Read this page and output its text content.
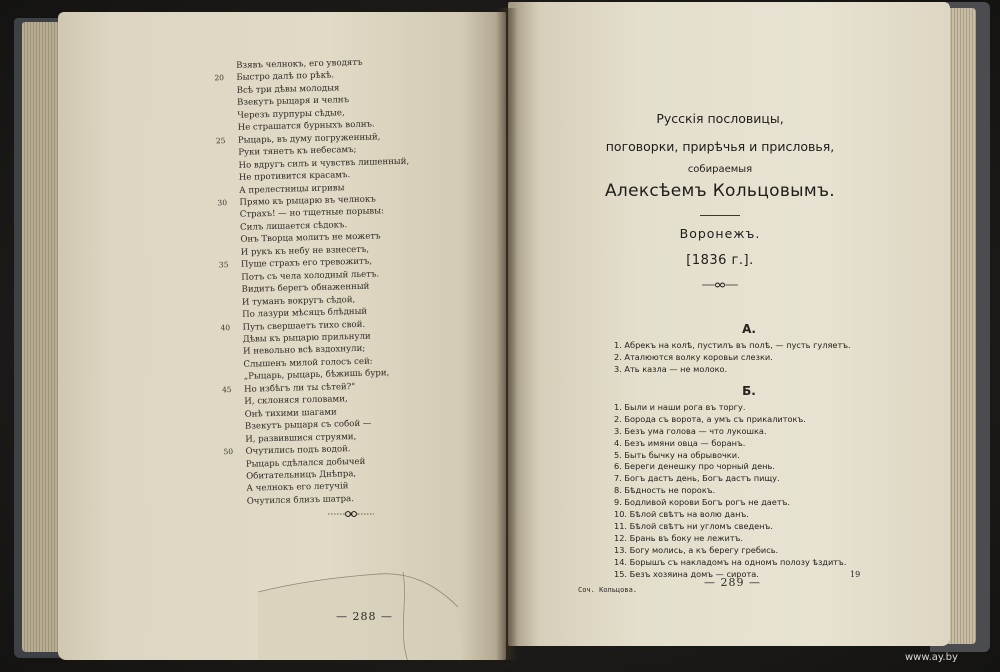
Взявъ челнокъ, его уводятъ
20	Быстро далѣ по рѣкѣ.
Всѣ три дѣвы молодыя
Взекутъ рыцаря и челнъ
Черезъ пурпуры сѣдые,
Не страшатся бурныхъ волнъ.
25	Рыцарь, въ думу погруженный,
Руки тянетъ къ небесамъ;
Но вдругъ силъ и чувствъ лишенный,
Не противится красамъ.
А прелестницы игривы
30	Прямо къ рыцарю въ челнокъ
Страхъ! — но тщетные порывы:
Силъ лишается сѣдокъ.
Онъ Творца молитъ не можетъ
И рукъ къ небу не взнесетъ,
35	Пуще страхъ его тревожитъ,
Потъ съ чела холодный льетъ.
Видитъ берегъ обнаженный
И туманъ вокругъ сѣдой,
По лазури мѣсяцъ блѣдный
40	Путь свершаетъ тихо свой.
Дѣвы къ рыцарю прильнули
И невольно всѣ вздохнули;
Слышенъ милой голосъ сей:
„Рыцарь, рыцарь, бѣжишь бури,
45	Но избѣгъ ли ты сѣтей?"
И, склоняся головами,
Онѣ тихими шагами
Взекутъ рыцаря съ собой —
И, развившися струями,
50	Очутились подъ водой.
Рыцарь сдѣлался добычей
Обитательницъ Днѣпра,
А челнокъ его летучій
Очутился близъ шатра.
— 288 —
Русскія пословицы,
поговорки, прирѣчья и присловья,
собираемыя
Алексѣемъ Кольцовымъ.
Воронежъ.
[1836 г.].
А.
1. Абрекъ на колѣ, пустилъ въ полѣ, — пусть гуляетъ.
2. Аталюются волку коровьи слезки.
3. Ать казла — не молоко.
Б.
1. Были и наши рога въ торгу.
2. Борода съ ворота, а умъ съ прикалитокъ.
3. Безъ ума голова — что лукошка.
4. Безъ имяни овца — боранъ.
5. Быть бычку на обрывочки.
6. Береги денешку про чорный день.
7. Богъ дастъ день, Богъ дастъ пищу.
8. Бѣдность не порокъ.
9. Бодливой корови Богъ рогъ не даетъ.
10. Бѣлой свѣтъ на волю данъ.
11. Бѣлой свѣтъ ни угломъ сведенъ.
12. Брань въ боку не лежитъ.
13. Богу молись, а къ берегу гребись.
14. Борышъ съ накладомъ на одномъ полозу ѣздитъ.
15. Безъ хозяина домъ — сирота.
Соч. Кольцова.
— 289 —
19
www.ay.by
